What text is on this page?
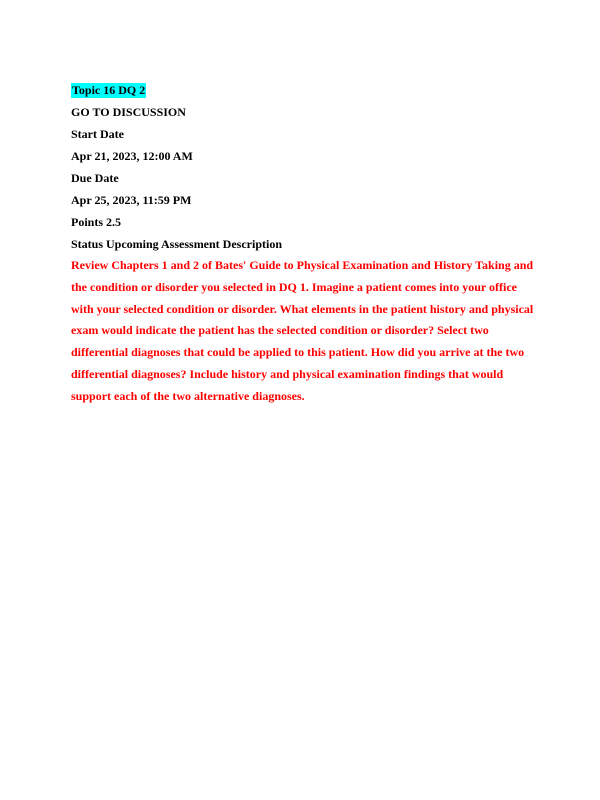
Topic 16 DQ 2
GO TO DISCUSSION
Start Date
Apr 21, 2023, 12:00 AM
Due Date
Apr 25, 2023, 11:59 PM
Points 2.5
Status Upcoming Assessment Description
Review Chapters 1 and 2 of Bates' Guide to Physical Examination and History Taking and the condition or disorder you selected in DQ 1. Imagine a patient comes into your office with your selected condition or disorder. What elements in the patient history and physical exam would indicate the patient has the selected condition or disorder? Select two differential diagnoses that could be applied to this patient. How did you arrive at the two differential diagnoses? Include history and physical examination findings that would support each of the two alternative diagnoses.
